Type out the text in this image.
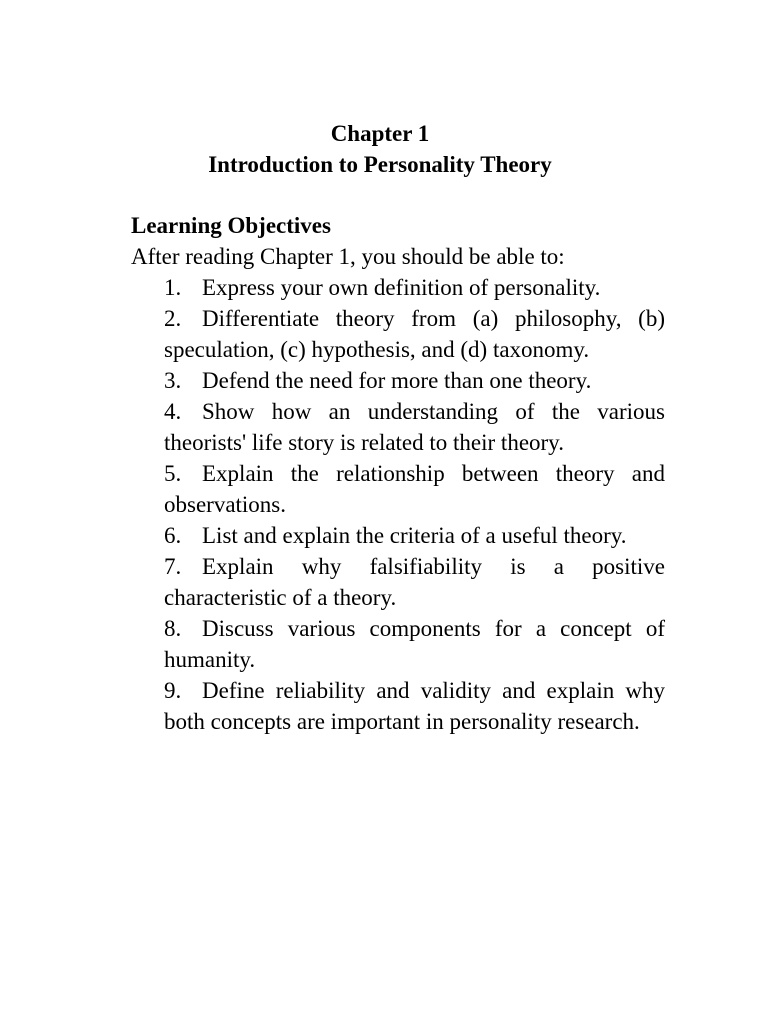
Chapter 1
Introduction to Personality Theory
Learning Objectives
After reading Chapter 1, you should be able to:
1. Express your own definition of personality.
2. Differentiate theory from (a) philosophy, (b) speculation, (c) hypothesis, and (d) taxonomy.
3. Defend the need for more than one theory.
4. Show how an understanding of the various theorists' life story is related to their theory.
5. Explain the relationship between theory and observations.
6. List and explain the criteria of a useful theory.
7. Explain why falsifiability is a positive characteristic of a theory.
8. Discuss various components for a concept of humanity.
9. Define reliability and validity and explain why both concepts are important in personality research.
